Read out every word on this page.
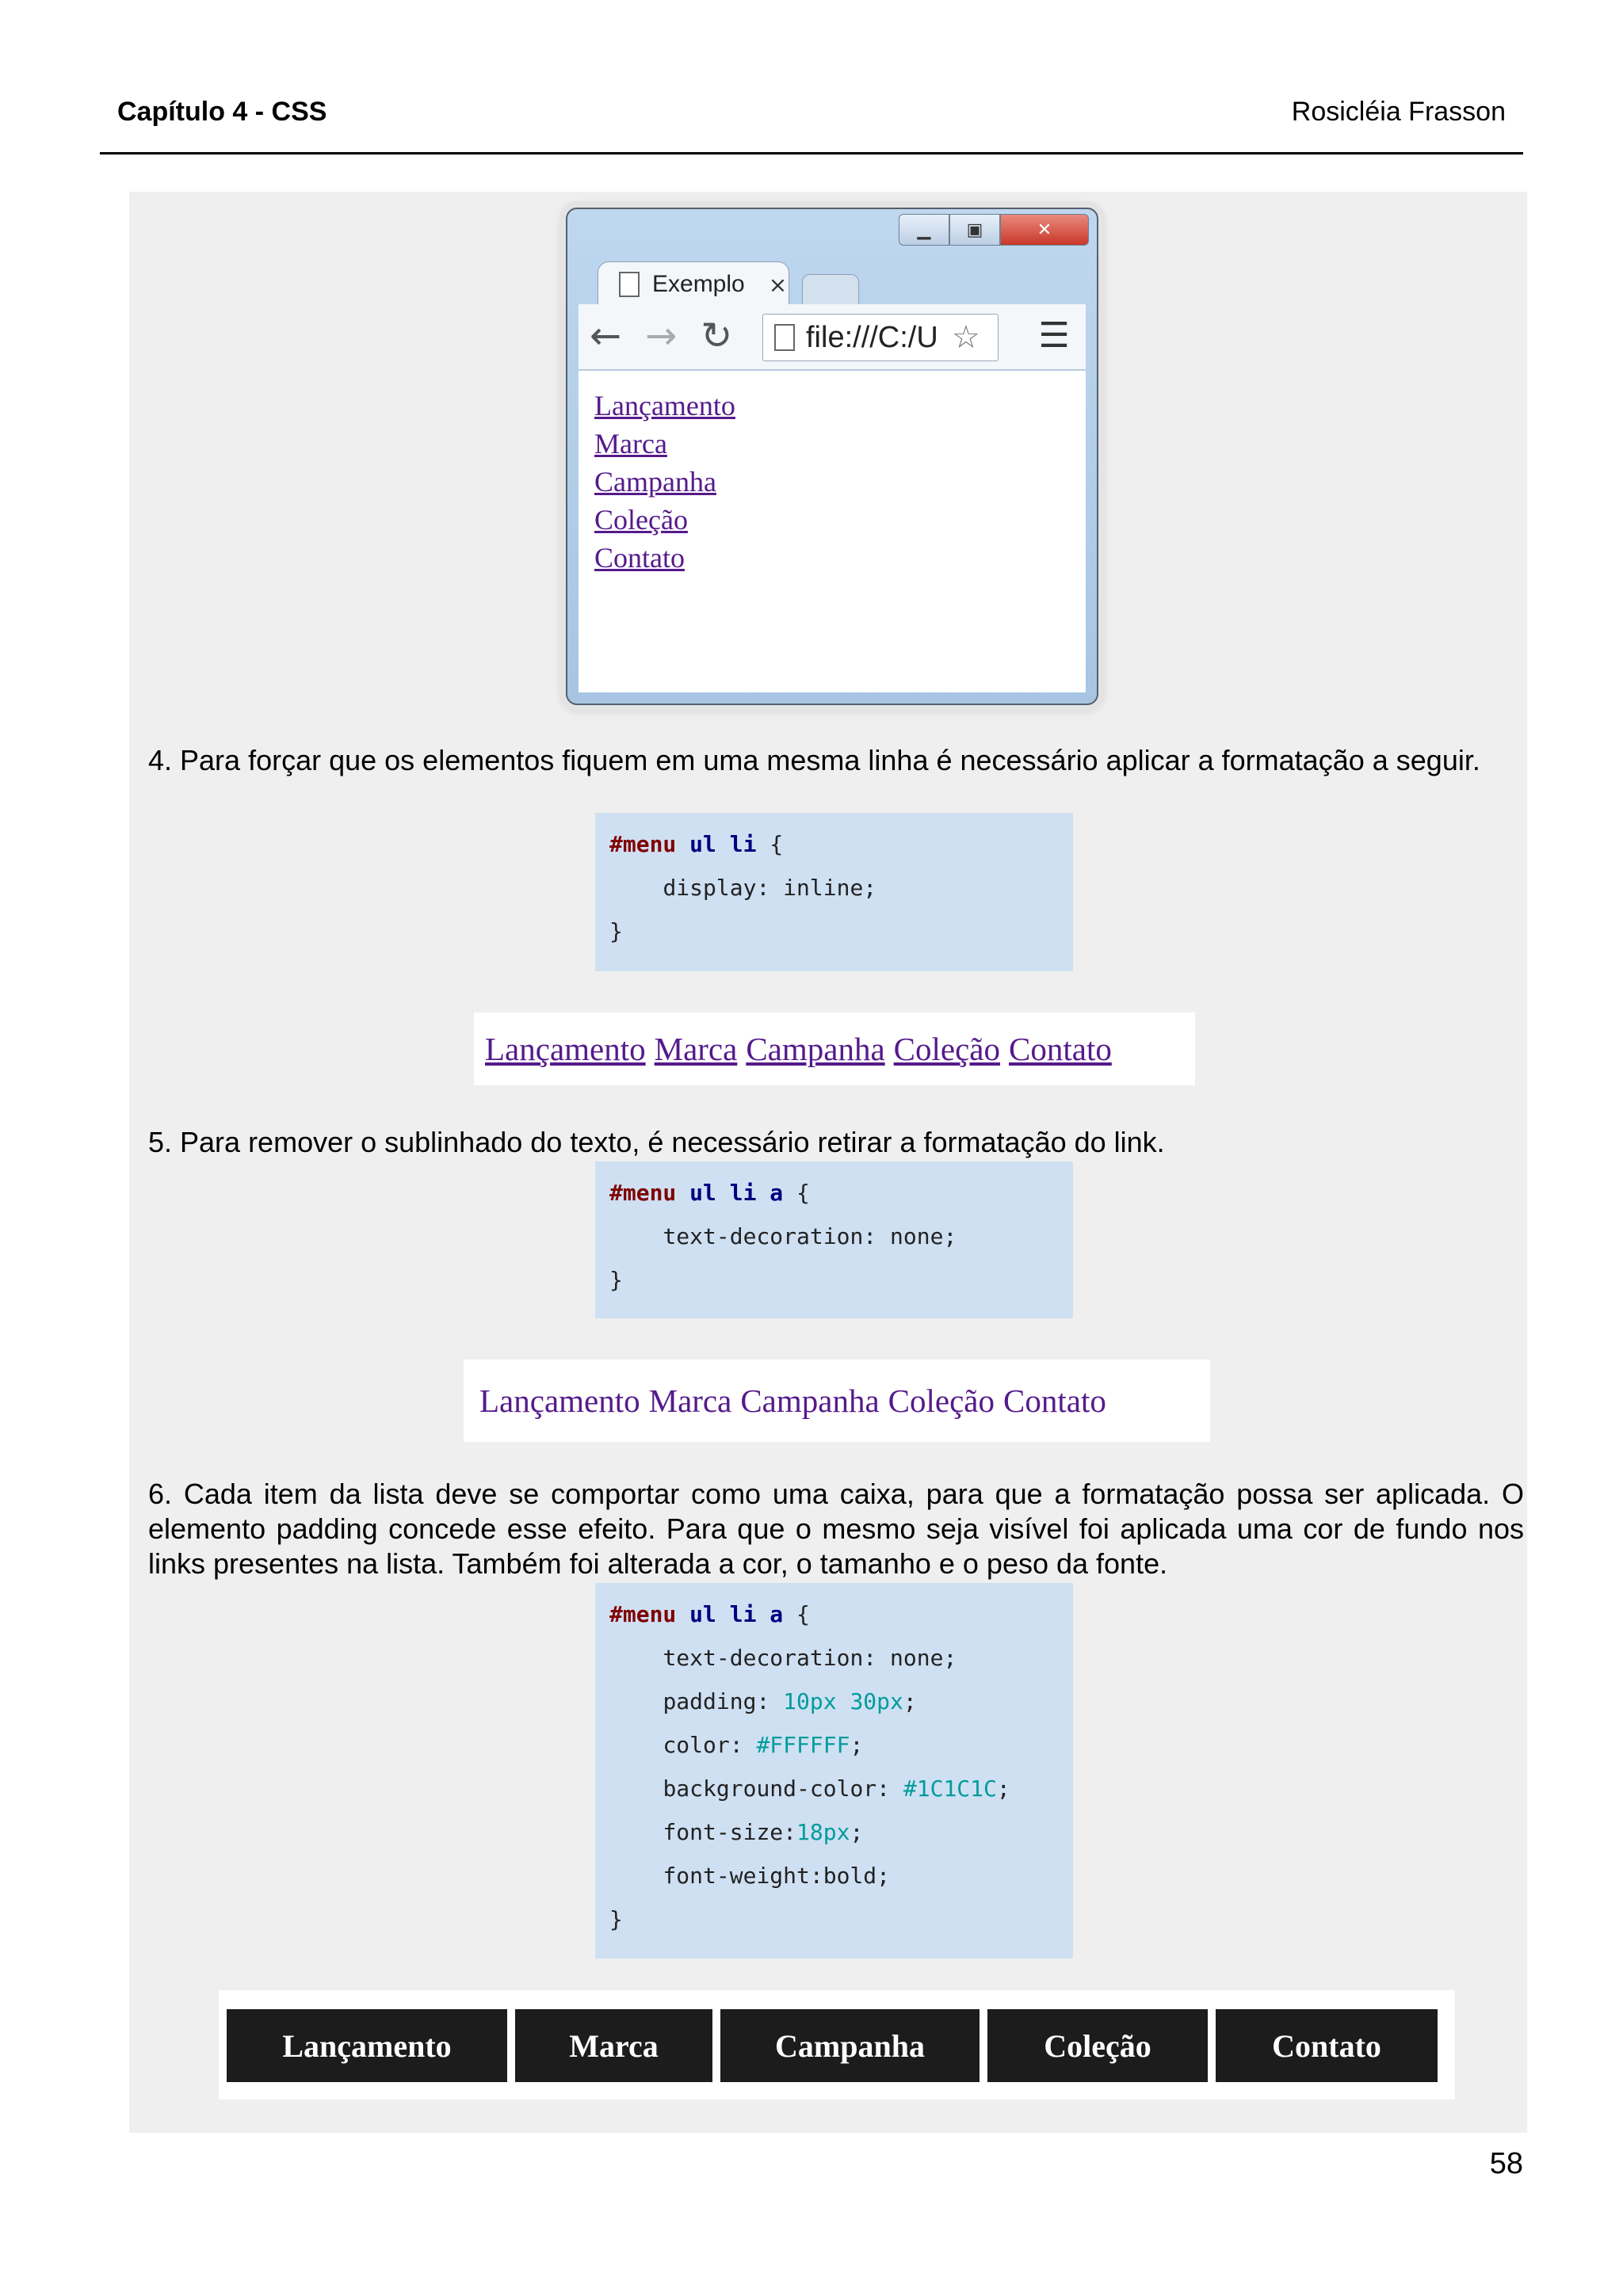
Capítulo 4 - CSS	Rosicléia Frasson
▁	▣	✕
Exemplo ×
← → ↻ file:///C:/U ☆ ☰
Lançamento
Marca
Campanha
Coleção
Contato
4. Para forçar que os elementos fiquem em uma mesma linha é necessário aplicar a formatação a seguir.
#menu ul li {
display: inline;
}
Lançamento Marca Campanha Coleção Contato
5. Para remover o sublinhado do texto, é necessário retirar a formatação do link.
#menu ul li a {
text-decoration: none;
}
Lançamento Marca Campanha Coleção Contato
6. Cada item da lista deve se comportar como uma caixa, para que a formatação possa ser aplicada. O elemento padding concede esse efeito. Para que o mesmo seja visível foi aplicada uma cor de fundo nos links presentes na lista. Também foi alterada a cor, o tamanho e o peso da fonte.
#menu ul li a {
text-decoration: none;
padding: 10px 30px;
color: #FFFFFF;
background-color: #1C1C1C;
font-size:18px;
font-weight:bold;
}
Lançamento	Marca	Campanha	Coleção	Contato
58
